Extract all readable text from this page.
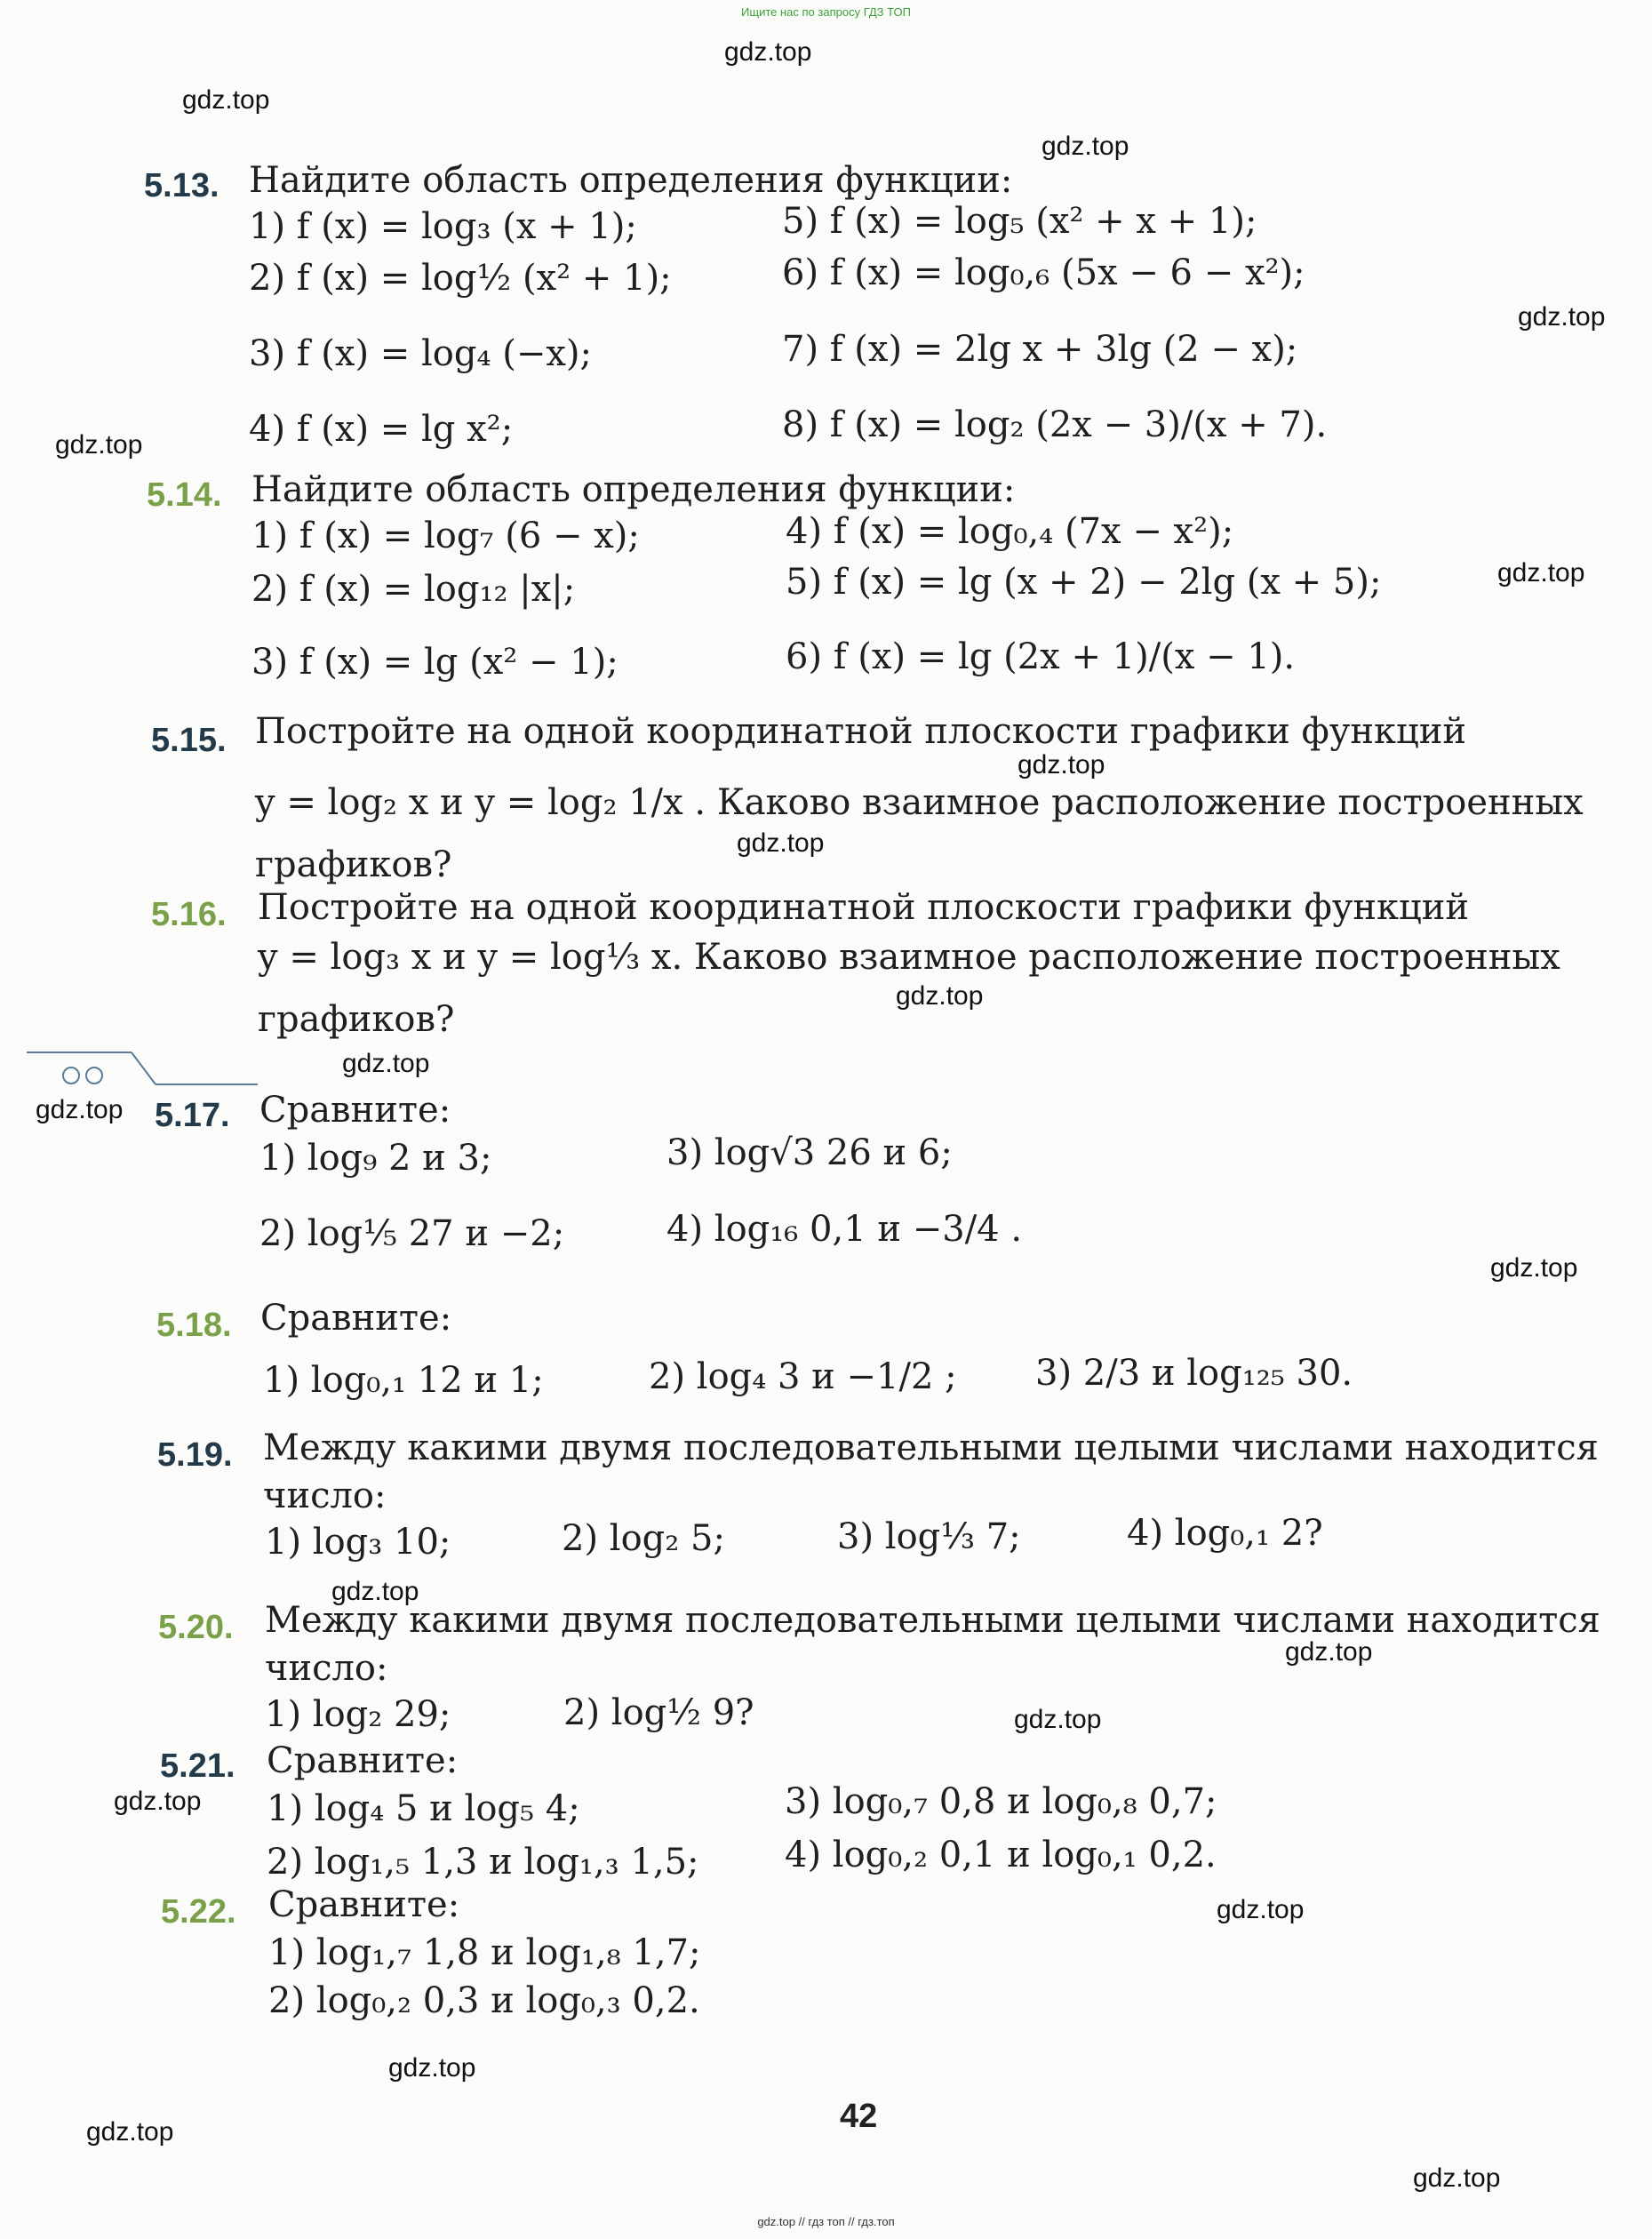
Ищите нас по запросу ГДЗ ТОП
gdz.top
gdz.top
gdz.top
gdz.top
gdz.top
gdz.top
gdz.top
gdz.top
gdz.top
gdz.top
gdz.top
gdz.top
gdz.top
gdz.top
gdz.top
gdz.top
gdz.top
gdz.top
gdz.top
gdz.top
5.13. Найдите область определения функции:
1) f (x) = log₃ (x + 1);
2) f (x) = log½ (x² + 1);
3) f (x) = log₄ (−x);
4) f (x) = lg x²;
5) f (x) = log₅ (x² + x + 1);
6) f (x) = log₀,₆ (5x − 6 − x²);
7) f (x) = 2lg x + 3lg (2 − x);
8) f (x) = log₂ (2x − 3)/(x + 7).
5.14. Найдите область определения функции:
1) f (x) = log₇ (6 − x);
2) f (x) = log₁₂ |x|;
3) f (x) = lg (x² − 1);
4) f (x) = log₀,₄ (7x − x²);
5) f (x) = lg (x + 2) − 2lg (x + 5);
6) f (x) = lg (2x + 1)/(x − 1).
5.15. Постройте на одной координатной плоскости графики функций
y = log₂ x и y = log₂ 1/x . Каково взаимное расположение построенных
графиков?
5.16. Постройте на одной координатной плоскости графики функций
y = log₃ x и y = log⅓ x. Каково взаимное расположение построенных
графиков?
5.17. Сравните:
1) log₉ 2 и 3;
2) log⅕ 27 и −2;
3) log√3 26 и 6;
4) log₁₆ 0,1 и −3/4 .
5.18. Сравните:
1) log₀,₁ 12 и 1;	2) log₄ 3 и −1/2 ; 3) 2/3 и log₁₂₅ 30.
5.19. Между какими двумя последовательными целыми числами находится
число:
1) log₃ 10;	2) log₂ 5;	3) log⅓ 7;	4) log₀,₁ 2?
5.20. Между какими двумя последовательными целыми числами находится
число:
1) log₂ 29;	2) log½ 9?
5.21. Сравните:
1) log₄ 5 и log₅ 4;
2) log₁,₅ 1,3 и log₁,₃ 1,5;
3) log₀,₇ 0,8 и log₀,₈ 0,7;
4) log₀,₂ 0,1 и log₀,₁ 0,2.
5.22. Сравните:
1) log₁,₇ 1,8 и log₁,₈ 1,7;
2) log₀,₂ 0,3 и log₀,₃ 0,2.
42
gdz.top // гдз топ // гдз.топ
